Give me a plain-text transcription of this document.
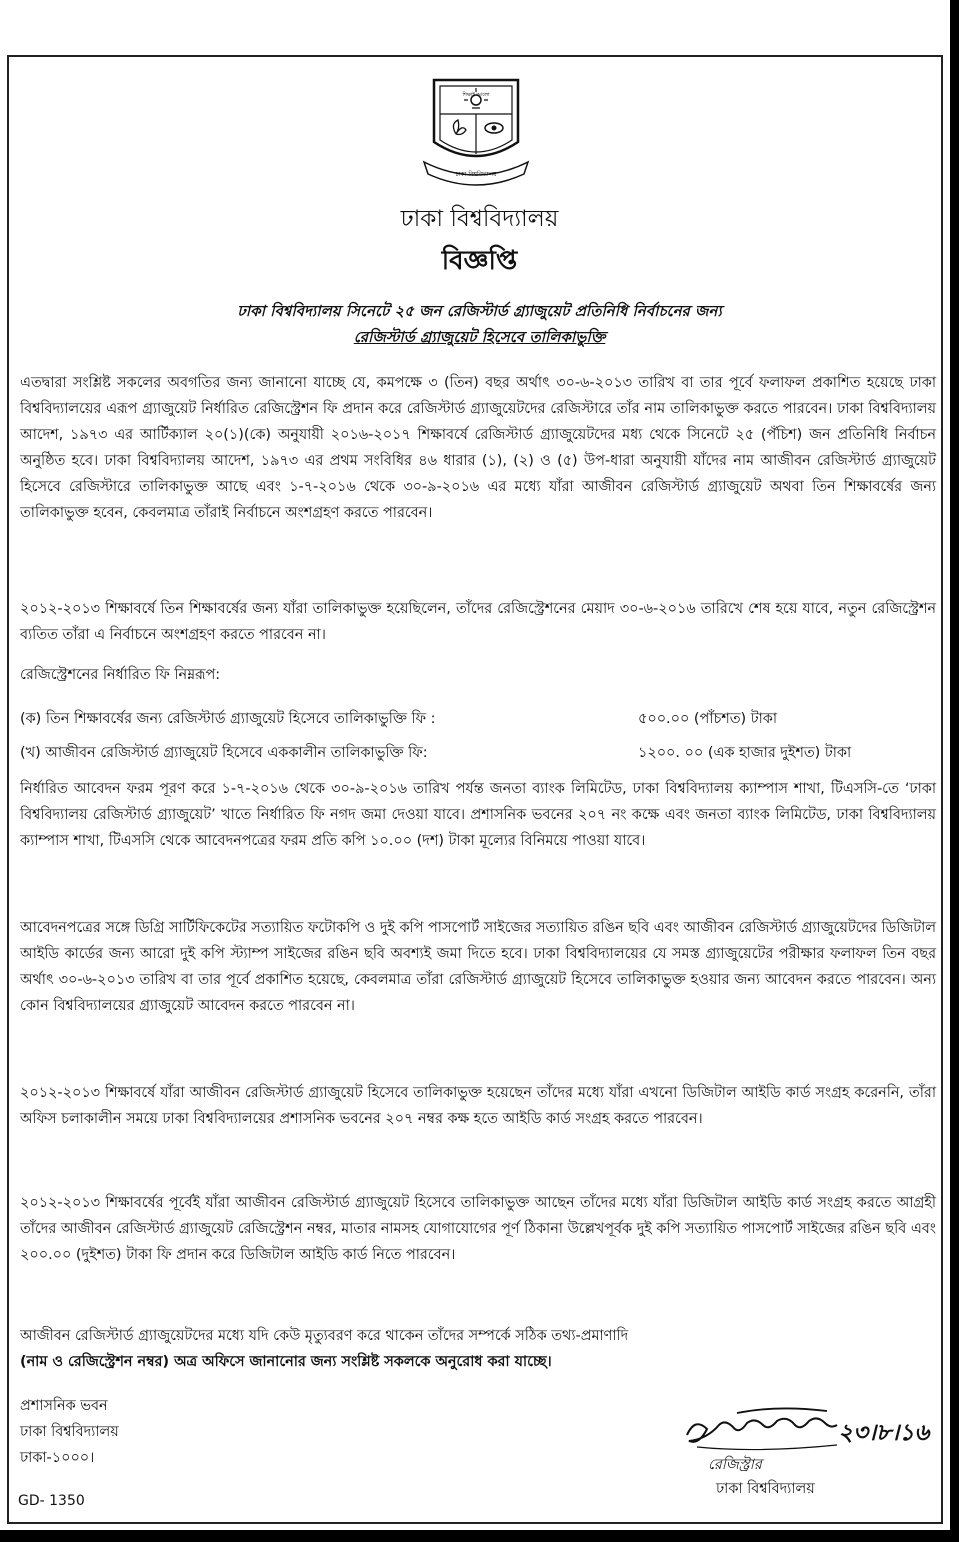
শিক্ষাই আলো
ঢাকা বিশ্ববিদ্যালয়
ঢাকা বিশ্ববিদ্যালয়
বিজ্ঞপ্তি
ঢাকা বিশ্ববিদ্যালয় সিনেটে ২৫ জন রেজিস্টার্ড গ্র্যাজুয়েট প্রতিনিধি নির্বাচনের জন্য
রেজিস্টার্ড গ্র্যাজুয়েট হিসেবে তালিকাভুক্তি
এতদ্বারা সংশ্লিষ্ট সকলের অবগতির জন্য জানানো যাচ্ছে যে, কমপক্ষে ৩ (তিন) বছর অর্থাৎ ৩০-৬-২০১৩ তারিখ বা তার পূর্বে ফলাফল প্রকাশিত হয়েছে ঢাকা বিশ্ববিদ্যালয়ের এরূপ গ্র্যাজুয়েট নির্ধারিত রেজিস্ট্রেশন ফি প্রদান করে রেজিস্টার্ড গ্র্যাজুয়েটদের রেজিস্টারে তাঁর নাম তালিকাভুক্ত করতে পারবেন। ঢাকা বিশ্ববিদ্যালয় আদেশ, ১৯৭৩ এর আর্টিক্যাল ২০(১)(কে) অনুযায়ী ২০১৬-২০১৭ শিক্ষাবর্ষে রেজিস্টার্ড গ্র্যাজুয়েটদের মধ্য থেকে সিনেটে ২৫ (পঁচিশ) জন প্রতিনিধি নির্বাচন অনুষ্ঠিত হবে। ঢাকা বিশ্ববিদ্যালয় আদেশ, ১৯৭৩ এর প্রথম সংবিধির ৪৬ ধারার (১), (২) ও (৫) উপ-ধারা অনুযায়ী যাঁদের নাম আজীবন রেজিস্টার্ড গ্র্যাজুয়েট হিসেবে রেজিস্টারে তালিকাভুক্ত আছে এবং ১-৭-২০১৬ থেকে ৩০-৯-২০১৬ এর মধ্যে যাঁরা আজীবন রেজিস্টার্ড গ্র্যাজুয়েট অথবা তিন শিক্ষাবর্ষের জন্য তালিকাভুক্ত হবেন, কেবলমাত্র তাঁরাই নির্বাচনে অংশগ্রহণ করতে পারবেন।
২০১২-২০১৩ শিক্ষাবর্ষে তিন শিক্ষাবর্ষের জন্য যাঁরা তালিকাভুক্ত হয়েছিলেন, তাঁদের রেজিস্ট্রেশনের মেয়াদ ৩০-৬-২০১৬ তারিখে শেষ হয়ে যাবে, নতুন রেজিস্ট্রেশন ব্যতিত তাঁরা এ নির্বাচনে অংশগ্রহণ করতে পারবেন না।
রেজিস্ট্রেশনের নির্ধারিত ফি নিম্নরূপ:
(ক) তিন শিক্ষাবর্ষের জন্য রেজিস্টার্ড গ্র্যাজুয়েট হিসেবে তালিকাভুক্তি ফি :	৫০০.০০ (পাঁচশত) টাকা
(খ) আজীবন রেজিস্টার্ড গ্র্যাজুয়েট হিসেবে এককালীন তালিকাভুক্তি ফি:	১২০০. ০০ (এক হাজার দুইশত) টাকা
নির্ধারিত আবেদন ফরম পূরণ করে ১-৭-২০১৬ থেকে ৩০-৯-২০১৬ তারিখ পর্যন্ত জনতা ব্যাংক লিমিটেড, ঢাকা বিশ্ববিদ্যালয় ক্যাম্পাস শাখা, টিএসসি-তে ‘ঢাকা বিশ্ববিদ্যালয় রেজিস্টার্ড গ্র্যাজুয়েট’ খাতে নির্ধারিত ফি নগদ জমা দেওয়া যাবে। প্রশাসনিক ভবনের ২০৭ নং কক্ষে এবং জনতা ব্যাংক লিমিটেড, ঢাকা বিশ্ববিদ্যালয় ক্যাম্পাস শাখা, টিএসসি থেকে আবেদনপত্রের ফরম প্রতি কপি ১০.০০ (দশ) টাকা মূল্যের বিনিময়ে পাওয়া যাবে।
আবেদনপত্রের সঙ্গে ডিগ্রি সার্টিফিকেটের সত্যায়িত ফটোকপি ও দুই কপি পাসপোর্ট সাইজের সত্যায়িত রঙিন ছবি এবং আজীবন রেজিস্টার্ড গ্র্যাজুয়েটদের ডিজিটাল আইডি কার্ডের জন্য আরো দুই কপি স্ট্যাম্প সাইজের রঙিন ছবি অবশ্যই জমা দিতে হবে। ঢাকা বিশ্ববিদ্যালয়ের যে সমস্ত গ্র্যাজুয়েটের পরীক্ষার ফলাফল তিন বছর অর্থাৎ ৩০-৬-২০১৩ তারিখ বা তার পূর্বে প্রকাশিত হয়েছে, কেবলমাত্র তাঁরা রেজিস্টার্ড গ্র্যাজুয়েট হিসেবে তালিকাভুক্ত হওয়ার জন্য আবেদন করতে পারবেন। অন্য কোন বিশ্ববিদ্যালয়ের গ্র্যাজুয়েট আবেদন করতে পারবেন না।
২০১২-২০১৩ শিক্ষাবর্ষে যাঁরা আজীবন রেজিস্টার্ড গ্র্যাজুয়েট হিসেবে তালিকাভুক্ত হয়েছেন তাঁদের মধ্যে যাঁরা এখনো ডিজিটাল আইডি কার্ড সংগ্রহ করেননি, তাঁরা অফিস চলাকালীন সময়ে ঢাকা বিশ্ববিদ্যালয়ের প্রশাসনিক ভবনের ২০৭ নম্বর কক্ষ হতে আইডি কার্ড সংগ্রহ করতে পারবেন।
২০১২-২০১৩ শিক্ষাবর্ষের পূর্বেই যাঁরা আজীবন রেজিস্টার্ড গ্র্যাজুয়েট হিসেবে তালিকাভুক্ত আছেন তাঁদের মধ্যে যাঁরা ডিজিটাল আইডি কার্ড সংগ্রহ করতে আগ্রহী তাঁদের আজীবন রেজিস্টার্ড গ্র্যাজুয়েট রেজিস্ট্রেশন নম্বর, মাতার নামসহ যোগাযোগের পূর্ণ ঠিকানা উল্লেখপূর্বক দুই কপি সত্যায়িত পাসপোর্ট সাইজের রঙিন ছবি এবং ২০০.০০ (দুইশত) টাকা ফি প্রদান করে ডিজিটাল আইডি কার্ড নিতে পারবেন।
আজীবন রেজিস্টার্ড গ্র্যাজুয়েটদের মধ্যে যদি কেউ মৃত্যুবরণ করে থাকেন তাঁদের সম্পর্কে সঠিক তথ্য-প্রমাণাদি
(নাম ও রেজিস্ট্রেশন নম্বর) অত্র অফিসে জানানোর জন্য সংশ্লিষ্ট সকলকে অনুরোধ করা যাচ্ছে।
প্রশাসনিক ভবন
ঢাকা বিশ্ববিদ্যালয়
ঢাকা-১০০০।
২৩।৮।১৬
রেজিস্ট্রার
ঢাকা বিশ্ববিদ্যালয়
GD- 1350
